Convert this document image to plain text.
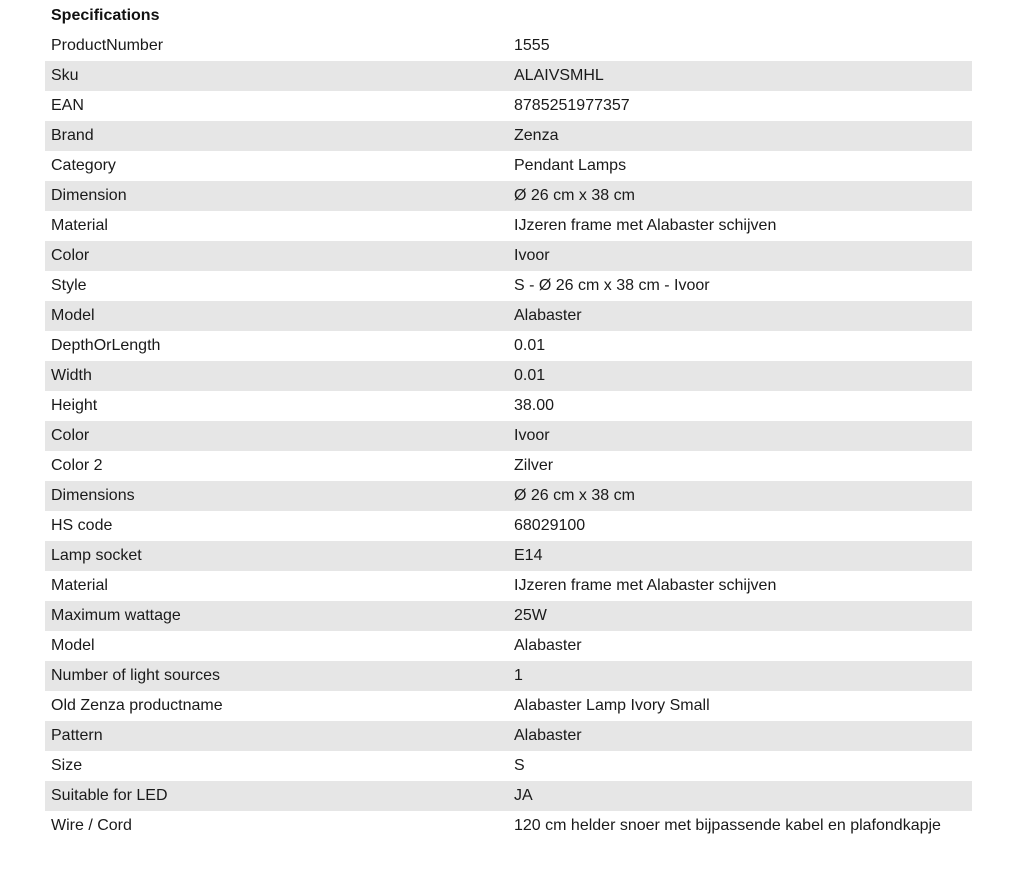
Specifications
ProductNumber	1555
Sku	ALAIVSMHL
EAN	8785251977357
Brand	Zenza
Category	Pendant Lamps
Dimension	Ø 26 cm x 38 cm
Material	IJzeren frame met Alabaster schijven
Color	Ivoor
Style	S - Ø 26 cm x 38 cm - Ivoor
Model	Alabaster
DepthOrLength	0.01
Width	0.01
Height	38.00
Color	Ivoor
Color 2	Zilver
Dimensions	Ø 26 cm x 38 cm
HS code	68029100
Lamp socket	E14
Material	IJzeren frame met Alabaster schijven
Maximum wattage	25W
Model	Alabaster
Number of light sources	1
Old Zenza productname	Alabaster Lamp Ivory Small
Pattern	Alabaster
Size	S
Suitable for LED	JA
Wire / Cord	120 cm helder snoer met bijpassende kabel en plafondkapje
